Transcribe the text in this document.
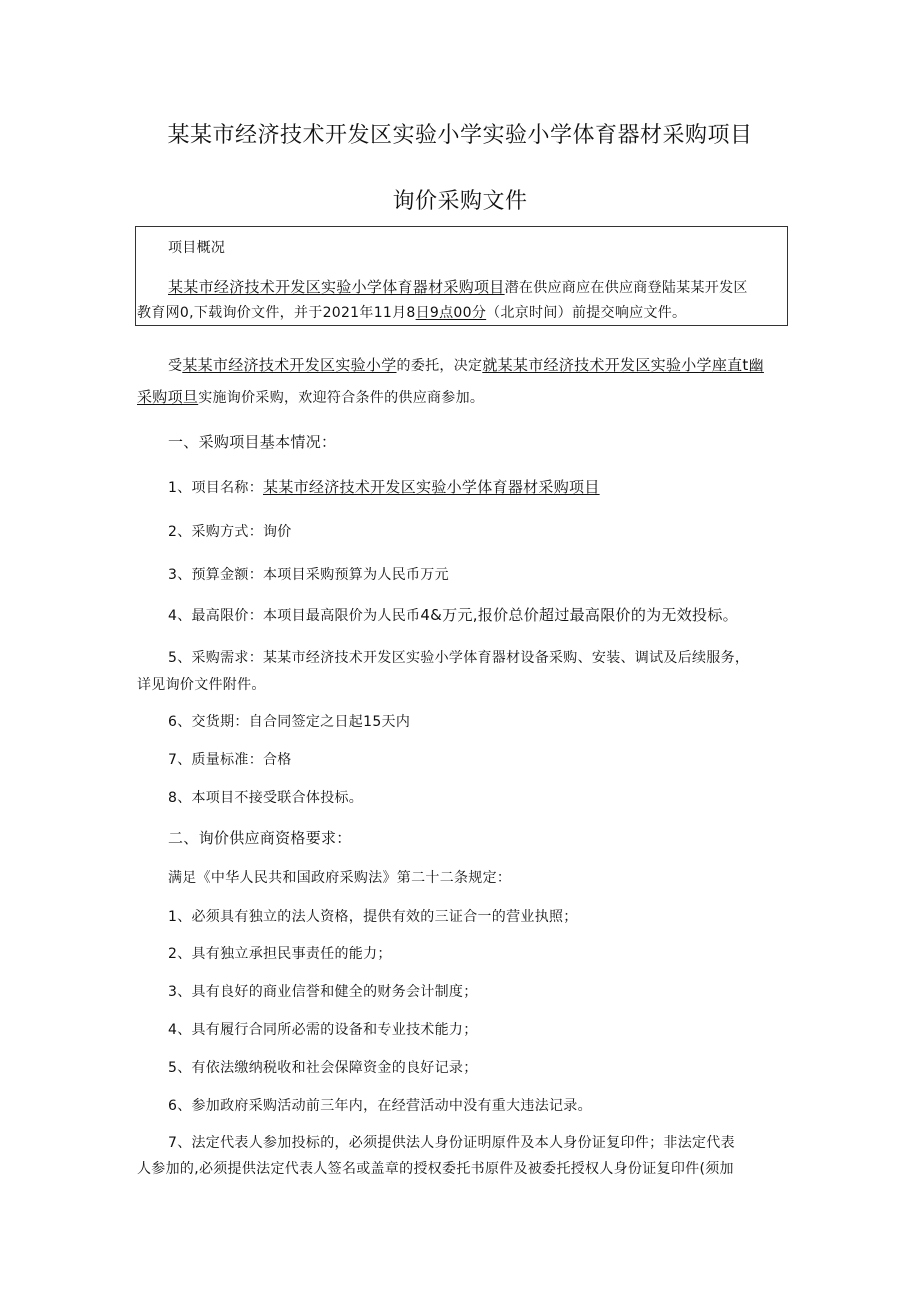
某某市经济技术开发区实验小学实验小学体育器材采购项目
询价采购文件
项目概况
某某市经济技术开发区实验小学体育器材采购项目潜在供应商应在供应商登陆某某开发区
教育网0,下载询价文件，并于2021年11月8日9点00分（北京时间）前提交响应文件。
受某某市经济技术开发区实验小学的委托，决定就某某市经济技术开发区实验小学座直t幽
采购项旦实施询价采购，欢迎符合条件的供应商参加。
一、采购项目基本情况：
1、项目名称：某某市经济技术开发区实验小学体育器材采购项目
2、采购方式：询价
3、预算金额：本项目采购预算为人民币万元
4、最高限价：本项目最高限价为人民币4&万元,报价总价超过最高限价的为无效投标。
5、采购需求：某某市经济技术开发区实验小学体育器材设备采购、安装、调试及后续服务，
详见询价文件附件。
6、交货期：自合同签定之日起15天内
7、质量标准：合格
8、本项目不接受联合体投标。
二、询价供应商资格要求：
满足《中华人民共和国政府采购法》第二十二条规定：
1、必须具有独立的法人资格，提供有效的三证合一的营业执照；
2、具有独立承担民事责任的能力；
3、具有良好的商业信誉和健全的财务会计制度；
4、具有履行合同所必需的设备和专业技术能力；
5、有依法缴纳税收和社会保障资金的良好记录；
6、参加政府采购活动前三年内，在经营活动中没有重大违法记录。
7、法定代表人参加投标的，必须提供法人身份证明原件及本人身份证复印件；非法定代表
人参加的,必须提供法定代表人签名或盖章的授权委托书原件及被委托授权人身份证复印件(须加
